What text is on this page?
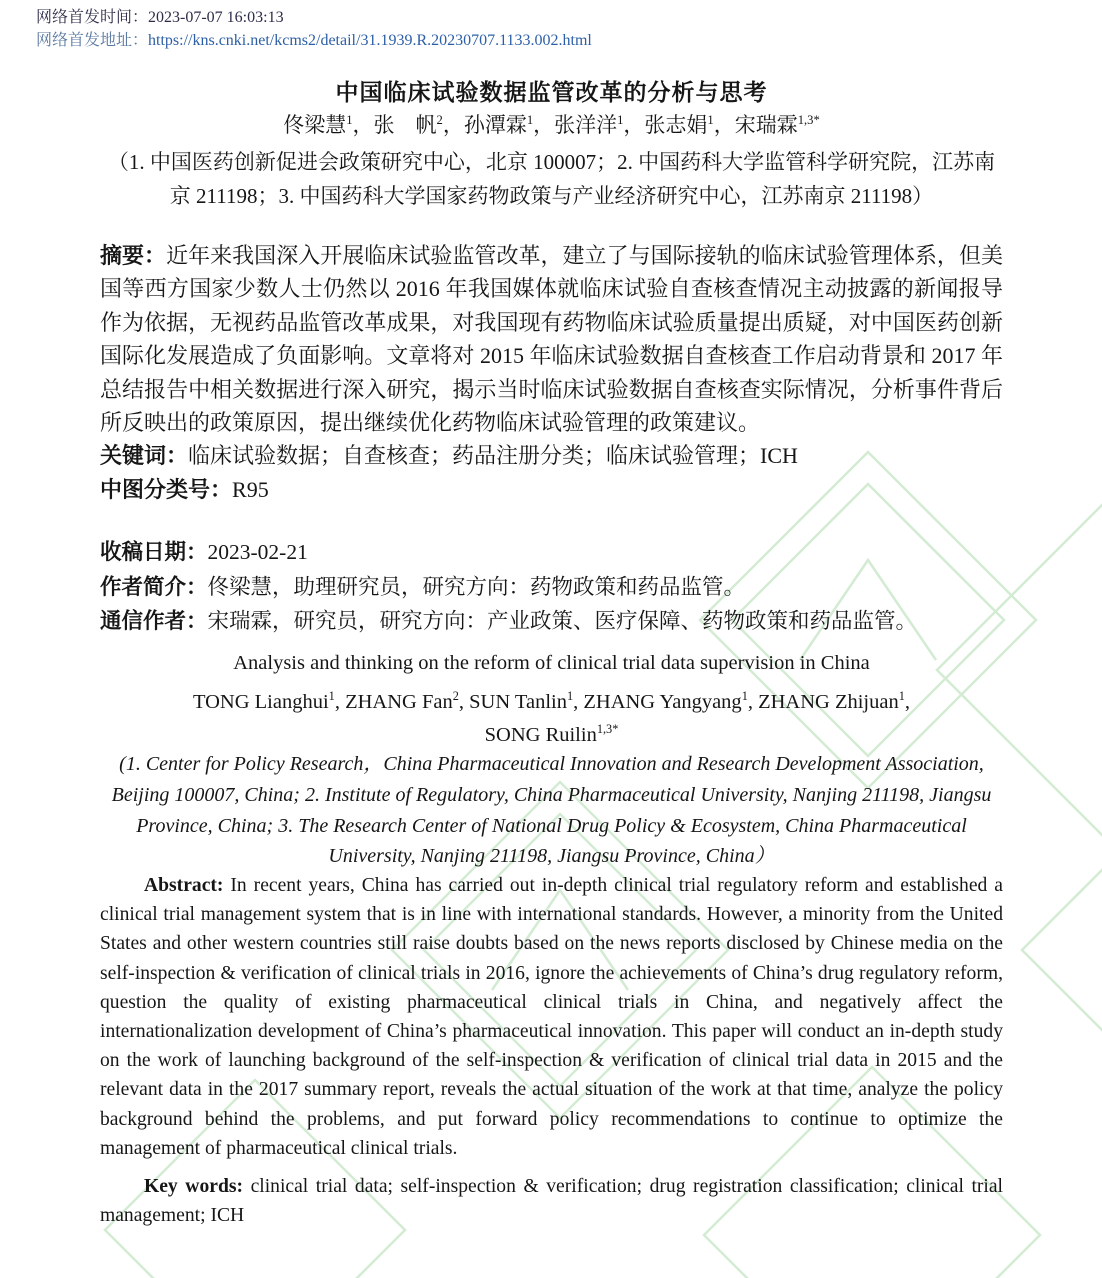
网络首发时间：2023-07-07 16:03:13
网络首发地址：https://kns.cnki.net/kcms2/detail/31.1939.R.20230707.1133.002.html
中国临床试验数据监管改革的分析与思考
佟梁慧$^1$，张　帆$^2$，孙潭霖$^1$，张洋洋$^1$，张志娟$^1$，宋瑞霖$^{1,3*}$
（1. 中国医药创新促进会政策研究中心，北京 100007；2. 中国药科大学监管科学研究院，江苏南京 211198；3. 中国药科大学国家药物政策与产业经济研究中心，江苏南京 211198）

摘要：近年来我国深入开展临床试验监管改革，建立了与国际接轨的临床试验管理体系，但美国等西方国家少数人士仍然以 2016 年我国媒体就临床试验自查核查情况主动披露的新闻报导作为依据，无视药品监管改革成果，对我国现有药物临床试验质量提出质疑，对中国医药创新国际化发展造成了负面影响。文章将对 2015 年临床试验数据自查核查工作启动背景和 2017 年总结报告中相关数据进行深入研究，揭示当时临床试验数据自查核查实际情况，分析事件背后所反映出的政策原因，提出继续优化药物临床试验管理的政策建议。

关键词：临床试验数据；自查核查；药品注册分类；临床试验管理；ICH

中图分类号：R95

收稿日期：2023-02-21

作者简介：佟梁慧，助理研究员，研究方向：药物政策和药品监管。

通信作者：宋瑞霖，研究员，研究方向：产业政策、医疗保障、药物政策和药品监管。

Analysis and thinking on the reform of clinical trial data supervision in China
TONG Lianghui$^1$, ZHANG Fan$^2$, SUN Tanlin$^1$, ZHANG Yangyang$^1$, ZHANG Zhijuan$^1$,
SONG Ruilin$^{1,3*}$
(1. Center for Policy Research，China Pharmaceutical Innovation and Research Development Association, Beijing 100007, China; 2. Institute of Regulatory, China Pharmaceutical University, Nanjing 211198, Jiangsu Province, China; 3. The Research Center of National Drug Policy & Ecosystem, China Pharmaceutical University, Nanjing 211198, Jiangsu Province, China）

Abstract: In recent years, China has carried out in-depth clinical trial regulatory reform and established a clinical trial management system that is in line with international standards. However, a minority from the United States and other western countries still raise doubts based on the news reports disclosed by Chinese media on the self-inspection & verification of clinical trials in 2016, ignore the achievements of China’s drug regulatory reform, question the quality of existing pharmaceutical clinical trials in China, and negatively affect the internationalization development of China’s pharmaceutical innovation. This paper will conduct an in-depth study on the work of launching background of the self-inspection & verification of clinical trial data in 2015 and the relevant data in the 2017 summary report, reveals the actual situation of the work at that time, analyze the policy background behind the problems, and put forward policy recommendations to continue to optimize the management of pharmaceutical clinical trials.

Key words: clinical trial data; self-inspection & verification; drug registration classification; clinical trial management; ICH
